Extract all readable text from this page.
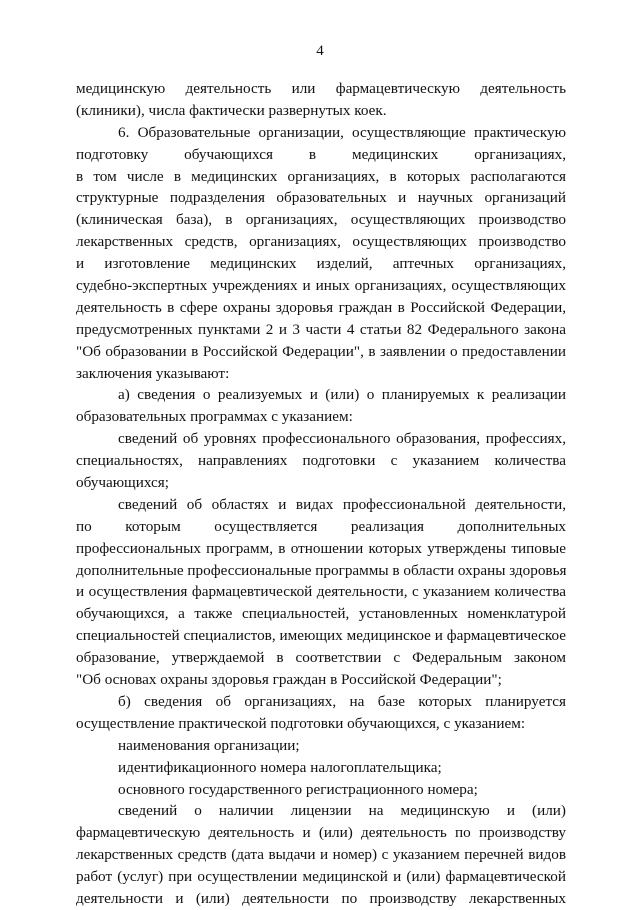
4
медицинскую деятельность или фармацевтическую деятельность
(клиники), числа фактически развернутых коек.
6. Образовательные организации, осуществляющие практическую
подготовку обучающихся в медицинских организациях,
в том числе в медицинских организациях, в которых располагаются
структурные подразделения образовательных и научных организаций
(клиническая база), в организациях, осуществляющих производство
лекарственных средств, организациях, осуществляющих производство
и изготовление медицинских изделий, аптечных организациях,
судебно-экспертных учреждениях и иных организациях, осуществляющих
деятельность в сфере охраны здоровья граждан в Российской Федерации,
предусмотренных пунктами 2 и 3 части 4 статьи 82 Федерального закона
"Об образовании в Российской Федерации", в заявлении о предоставлении
заключения указывают:
а) сведения о реализуемых и (или) о планируемых к реализации
образовательных программах с указанием:
сведений об уровнях профессионального образования, профессиях,
специальностях, направлениях подготовки с указанием количества
обучающихся;
сведений об областях и видах профессиональной деятельности,
по которым осуществляется реализация дополнительных
профессиональных программ, в отношении которых утверждены типовые
дополнительные профессиональные программы в области охраны здоровья
и осуществления фармацевтической деятельности, с указанием количества
обучающихся, а также специальностей, установленных номенклатурой
специальностей специалистов, имеющих медицинское и фармацевтическое
образование, утверждаемой в соответствии с Федеральным законом
"Об основах охраны здоровья граждан в Российской Федерации";
б) сведения об организациях, на базе которых планируется
осуществление практической подготовки обучающихся, с указанием:
наименования организации;
идентификационного номера налогоплательщика;
основного государственного регистрационного номера;
сведений о наличии лицензии на медицинскую и (или)
фармацевтическую деятельность и (или) деятельность по производству
лекарственных средств (дата выдачи и номер) с указанием перечней видов
работ (услуг) при осуществлении медицинской и (или) фармацевтической
деятельности и (или) деятельности по производству лекарственных
